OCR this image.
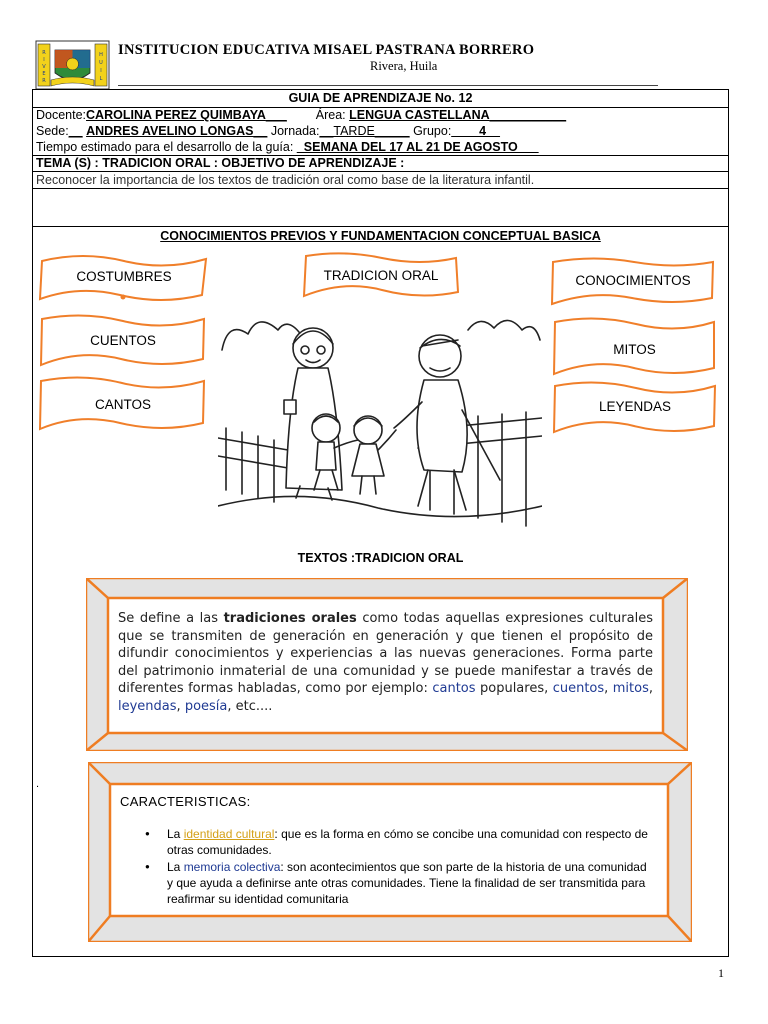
R
I
V
E
R
H
U
I
L
INSTITUCION EDUCATIVA MISAEL PASTRANA BORRERO
Rivera, Huila
GUIA DE APRENDIZAJE No. 12
Docente:CAROLINA PEREZ QUIMBAYA___ Área: LENGUA CASTELLANA___________
Sede:__ ANDRES AVELINO LONGAS__ Jornada:__TARDE_____ Grupo:____4__
Tiempo estimado para el desarrollo de la guía: _SEMANA DEL 17 AL 21 DE AGOSTO___
TEMA (S) : TRADICION ORAL : OBJETIVO DE APRENDIZAJE :
Reconocer la importancia de los textos de tradición oral como base de la literatura infantil.
CONOCIMIENTOS PREVIOS Y FUNDAMENTACION CONCEPTUAL BASICA
COSTUMBRES	TRADICION ORAL	CONOCIMIENTOS
CUENTOS
MITOS
CANTOS	LEYENDAS
TEXTOS :TRADICION ORAL
Se define a las tradiciones orales como todas aquellas expresiones culturales que se transmiten de generación en generación y que tienen el propósito de difundir conocimientos y experiencias a las nuevas generaciones. Forma parte del patrimonio inmaterial de una comunidad y se puede manifestar a través de diferentes formas habladas, como por ejemplo: cantos populares, cuentos, mitos, leyendas, poesía, etc....
.
CARACTERISTICAS:
● La identidad cultural: que es la forma en cómo se concibe una comunidad con respecto de otras comunidades.
● La memoria colectiva: son acontecimientos que son parte de la historia de una comunidad y que ayuda a definirse ante otras comunidades. Tiene la finalidad de ser transmitida para reafirmar su identidad comunitaria
1
